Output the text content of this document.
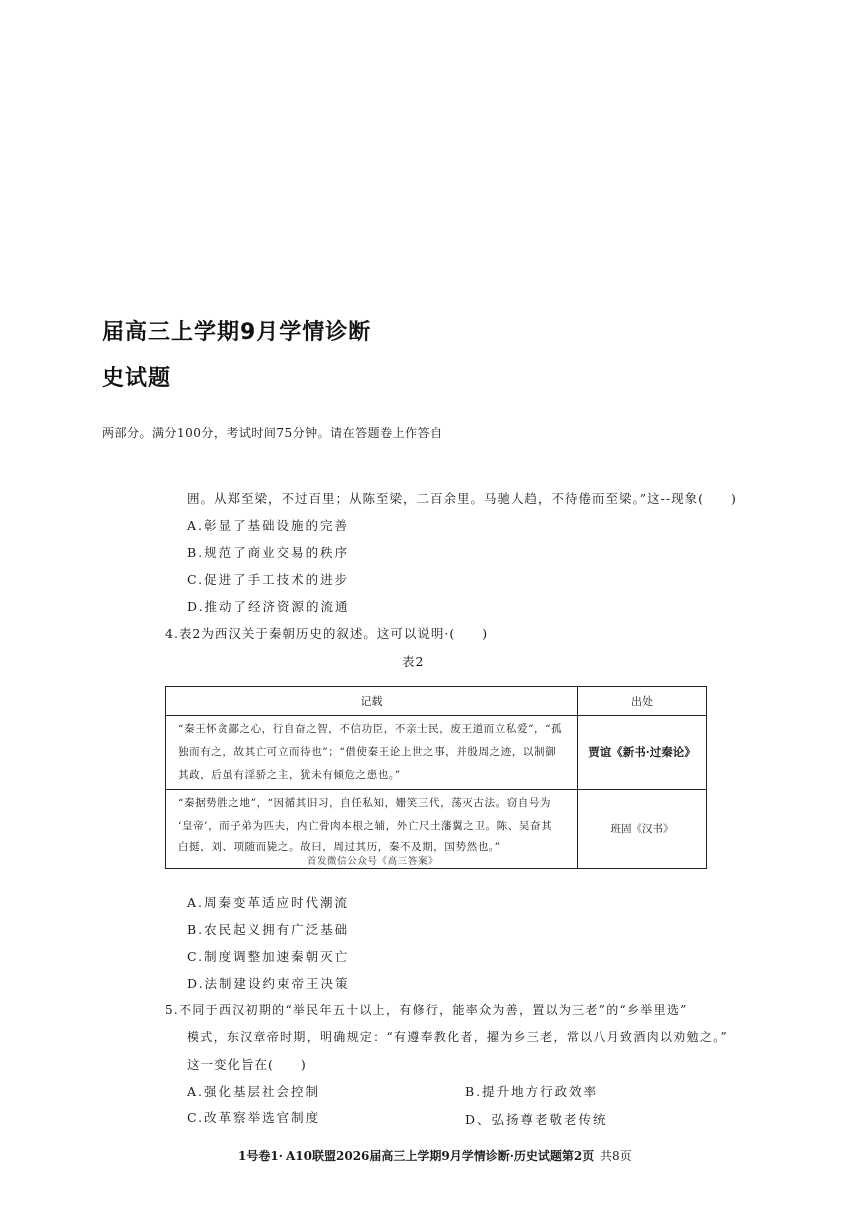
届高三上学期9月学情诊断
史试题
两部分。满分100分，考试时间75分钟。请在答题卷上作答自
囲。从郑至梁，不过百里；从陈至梁，二百余里。马驰人趋，不待倦而至梁。”这--现象(　　)
A.彰显了基础设施的完善
B.规范了商业交易的秩序
C.促进了手工技术的进步
D.推动了经济资源的流通
4.表2为西汉关于秦朝历史的叙述。这可以说明·(　　)
表2
记载	出处

“秦王怀贪鄙之心，行自奋之智，不信功臣，不亲士民，废王道而立私爱”，“孤
独而有之，故其亡可立而待也”；“借使秦王论上世之事，并殷周之迹，以制御
其政，后虽有淫骄之主，犹未有倾危之患也。”	贾谊《新书·过秦论》

“秦据势胜之地”，“因循其旧习，自任私知，姗笑三代，荡灭古法。窃自号为
‘皇帝’，而子弟为匹夫，内亡骨肉本根之辅，外亡尺土藩翼之卫。陈、吴奋其
白挺，刘、项随而毙之。故曰，周过其历，秦不及期，国势然也。”
首发微信公众号《高三答案》	班固《汉书》
A.周秦变革适应时代潮流
B.农民起义拥有广泛基础
C.制度调整加速秦朝灭亡
D.法制建设约束帝王决策
5.不同于西汉初期的“举民年五十以上，有修行，能率众为善，置以为三老”的“乡举里选”
模式，东汉章帝时期，明确规定：“有遵奉教化者，擢为乡三老，常以八月致酒肉以劝勉之。”
这一变化旨在(　　)
A.强化基层社会控制	B.提升地方行政效率
C.改革察举选官制度	D、弘扬尊老敬老传统
1号卷1· A10联盟2026届高三上学期9月学情诊断·历史试题第2页 共8页
